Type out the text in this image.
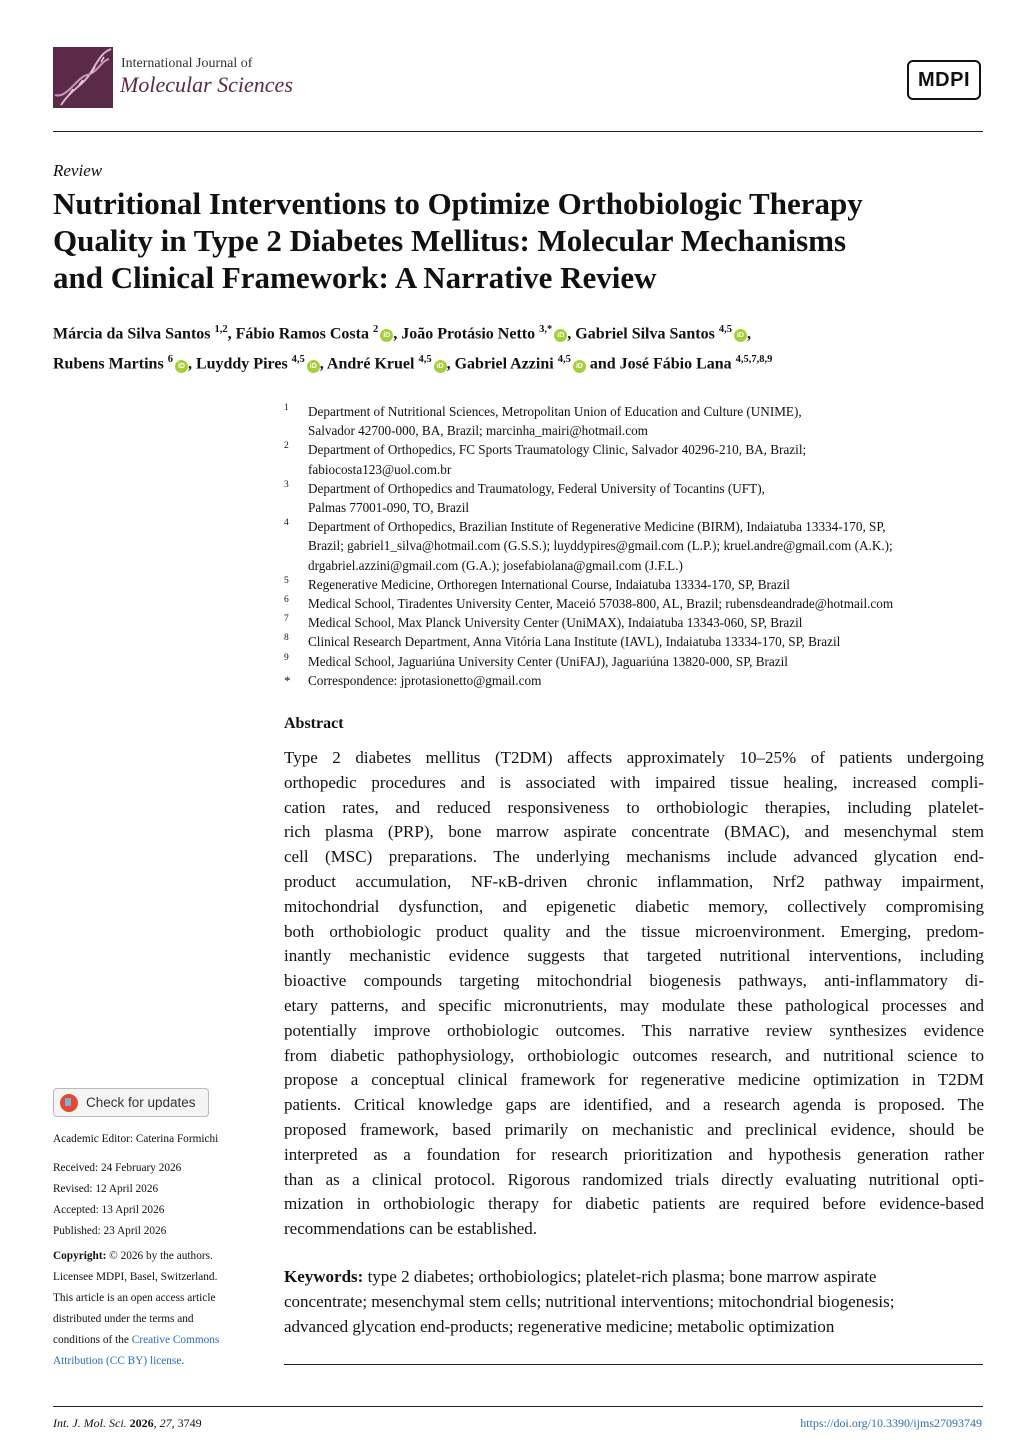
International Journal of
Molecular Sciences	MDPI
Review
Nutritional Interventions to Optimize Orthobiologic Therapy
Quality in Type 2 Diabetes Mellitus: Molecular Mechanisms
and Clinical Framework: A Narrative Review
Márcia da Silva Santos $^{1,2}$, Fábio Ramos Costa $^2$iD , João Protásio Netto $^{3,*}$iD , Gabriel Silva Santos $^{4,5}$iD ,
Rubens Martins $^6$iD , Luyddy Pires $^{4,5}$iD , André Kruel $^{4,5}$iD , Gabriel Azzini $^{4,5}$iD and José Fábio Lana $^{4,5,7,8,9}$
1 Department of Nutritional Sciences, Metropolitan Union of Education and Culture (UNIME),
Salvador 42700-000, BA, Brazil; marcinha_mairi@hotmail.com
2 Department of Orthopedics, FC Sports Traumatology Clinic, Salvador 40296-210, BA, Brazil;
fabiocosta123@uol.com.br
3 Department of Orthopedics and Traumatology, Federal University of Tocantins (UFT),
Palmas 77001-090, TO, Brazil
4 Department of Orthopedics, Brazilian Institute of Regenerative Medicine (BIRM), Indaiatuba 13334-170, SP,
Brazil; gabriel1_silva@hotmail.com (G.S.S.); luyddypires@gmail.com (L.P.); kruel.andre@gmail.com (A.K.);
drgabriel.azzini@gmail.com (G.A.); josefabiolana@gmail.com (J.F.L.)
5 Regenerative Medicine, Orthoregen International Course, Indaiatuba 13334-170, SP, Brazil
6 Medical School, Tiradentes University Center, Maceió 57038-800, AL, Brazil; rubensdeandrade@hotmail.com
7 Medical School, Max Planck University Center (UniMAX), Indaiatuba 13343-060, SP, Brazil
8 Clinical Research Department, Anna Vitória Lana Institute (IAVL), Indaiatuba 13334-170, SP, Brazil
9 Medical School, Jaguariúna University Center (UniFAJ), Jaguariúna 13820-000, SP, Brazil
* Correspondence: jprotasionetto@gmail.com
Abstract
Type 2 diabetes mellitus (T2DM) affects approximately 10–25% of patients undergoing
orthopedic procedures and is associated with impaired tissue healing, increased compli-
cation rates, and reduced responsiveness to orthobiologic therapies, including platelet-
rich plasma (PRP), bone marrow aspirate concentrate (BMAC), and mesenchymal stem
cell (MSC) preparations. The underlying mechanisms include advanced glycation end-
product accumulation, NF-κB-driven chronic inflammation, Nrf2 pathway impairment,
mitochondrial dysfunction, and epigenetic diabetic memory, collectively compromising
both orthobiologic product quality and the tissue microenvironment. Emerging, predom-
inantly mechanistic evidence suggests that targeted nutritional interventions, including
bioactive compounds targeting mitochondrial biogenesis pathways, anti-inflammatory di-
etary patterns, and specific micronutrients, may modulate these pathological processes and
potentially improve orthobiologic outcomes. This narrative review synthesizes evidence
from diabetic pathophysiology, orthobiologic outcomes research, and nutritional science to
propose a conceptual clinical framework for regenerative medicine optimization in T2DM
patients. Critical knowledge gaps are identified, and a research agenda is proposed. The
proposed framework, based primarily on mechanistic and preclinical evidence, should be
interpreted as a foundation for research prioritization and hypothesis generation rather
than as a clinical protocol. Rigorous randomized trials directly evaluating nutritional opti-
mization in orthobiologic therapy for diabetic patients are required before evidence-based
recommendations can be established.
Keywords: type 2 diabetes; orthobiologics; platelet-rich plasma; bone marrow aspirate
concentrate; mesenchymal stem cells; nutritional interventions; mitochondrial biogenesis;
advanced glycation end-products; regenerative medicine; metabolic optimization
Check for updates
Academic Editor: Caterina Formichi
Received: 24 February 2026
Revised: 12 April 2026
Accepted: 13 April 2026
Published: 23 April 2026
Copyright: © 2026 by the authors.
Licensee MDPI, Basel, Switzerland.
This article is an open access article
distributed under the terms and
conditions of the Creative Commons
Attribution (CC BY) license.
Int. J. Mol. Sci. 2026, 27, 3749	https://doi.org/10.3390/ijms27093749
